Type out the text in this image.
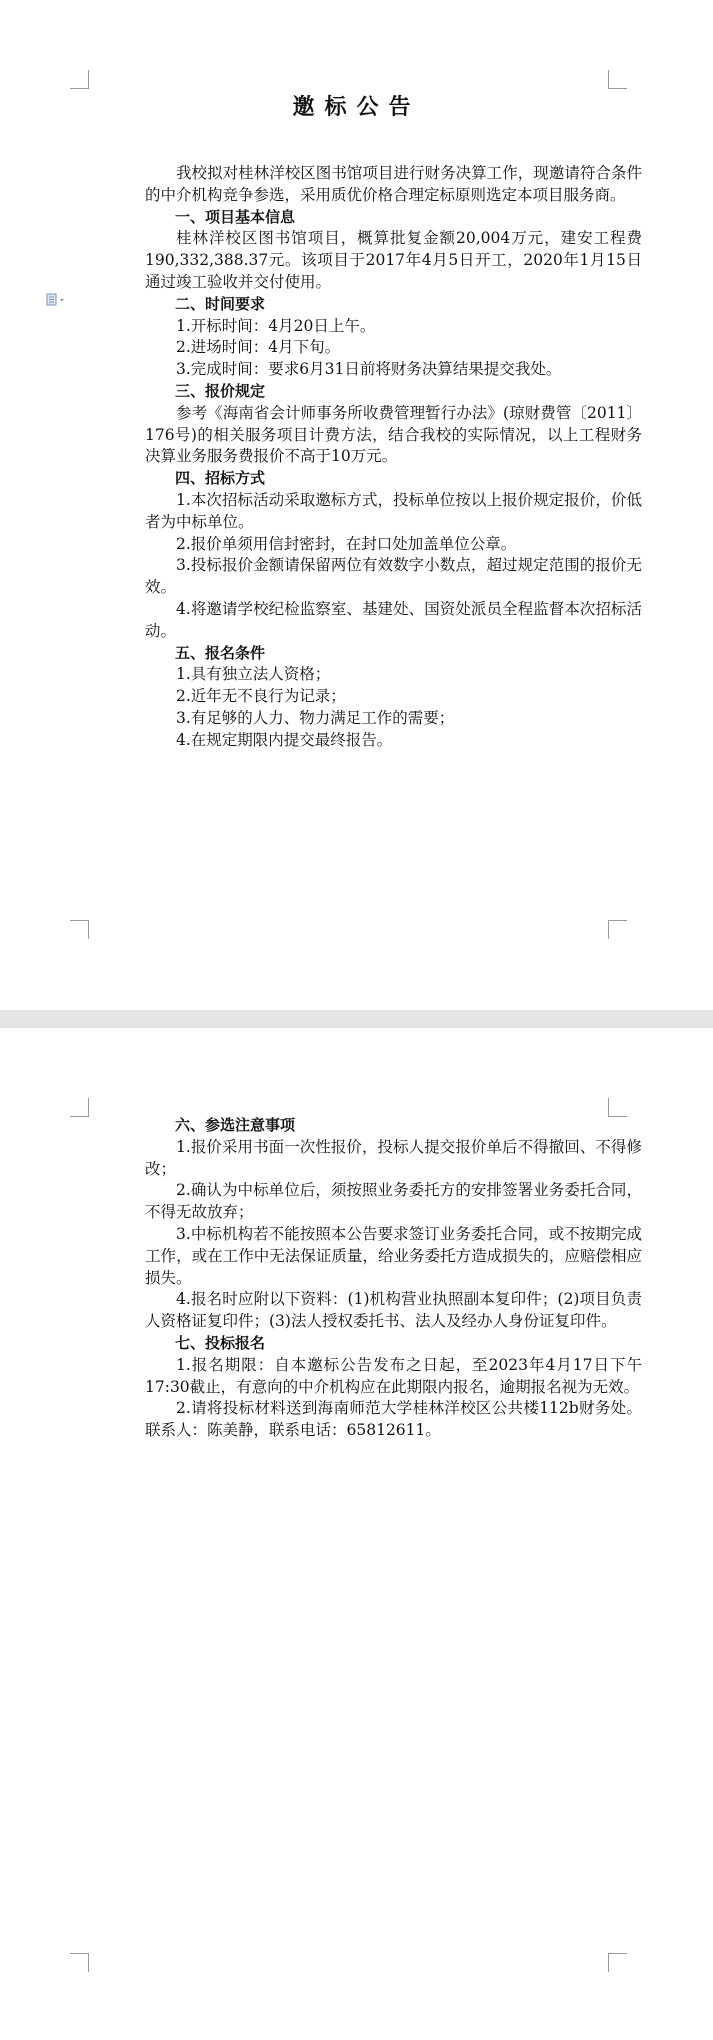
邀标公告

我校拟对桂林洋校区图书馆项目进行财务决算工作，现邀请符合条件的中介机构竞争参选，采用质优价格合理定标原则选定本项目服务商。

一、项目基本信息

桂林洋校区图书馆项目，概算批复金额20,004万元，建安工程费190,332,388.37元。该项目于2017年4月5日开工，2020年1月15日通过竣工验收并交付使用。

二、时间要求

1.开标时间：4月20日上午。

2.进场时间：4月下旬。

3.完成时间：要求6月31日前将财务决算结果提交我处。

三、报价规定

参考《海南省会计师事务所收费管理暂行办法》(琼财费管〔2011〕176号)的相关服务项目计费方法，结合我校的实际情况，以上工程财务决算业务服务费报价不高于10万元。

四、招标方式

1.本次招标活动采取邀标方式，投标单位按以上报价规定报价，价低者为中标单位。

2.报价单须用信封密封，在封口处加盖单位公章。

3.投标报价金额请保留两位有效数字小数点，超过规定范围的报价无效。

4.将邀请学校纪检监察室、基建处、国资处派员全程监督本次招标活动。

五、报名条件

1.具有独立法人资格；

2.近年无不良行为记录；

3.有足够的人力、物力满足工作的需要；

4.在规定期限内提交最终报告。

六、参选注意事项

1.报价采用书面一次性报价，投标人提交报价单后不得撤回、不得修改；

2.确认为中标单位后，须按照业务委托方的安排签署业务委托合同，不得无故放弃；

3.中标机构若不能按照本公告要求签订业务委托合同，或不按期完成工作，或在工作中无法保证质量，给业务委托方造成损失的，应赔偿相应损失。

4.报名时应附以下资料：(1)机构营业执照副本复印件；(2)项目负责人资格证复印件；(3)法人授权委托书、法人及经办人身份证复印件。

七、投标报名

1.报名期限：自本邀标公告发布之日起，至2023年4月17日下午17:30截止，有意向的中介机构应在此期限内报名，逾期报名视为无效。

2.请将投标材料送到海南师范大学桂林洋校区公共楼112b财务处。联系人：陈美静，联系电话：65812611。
